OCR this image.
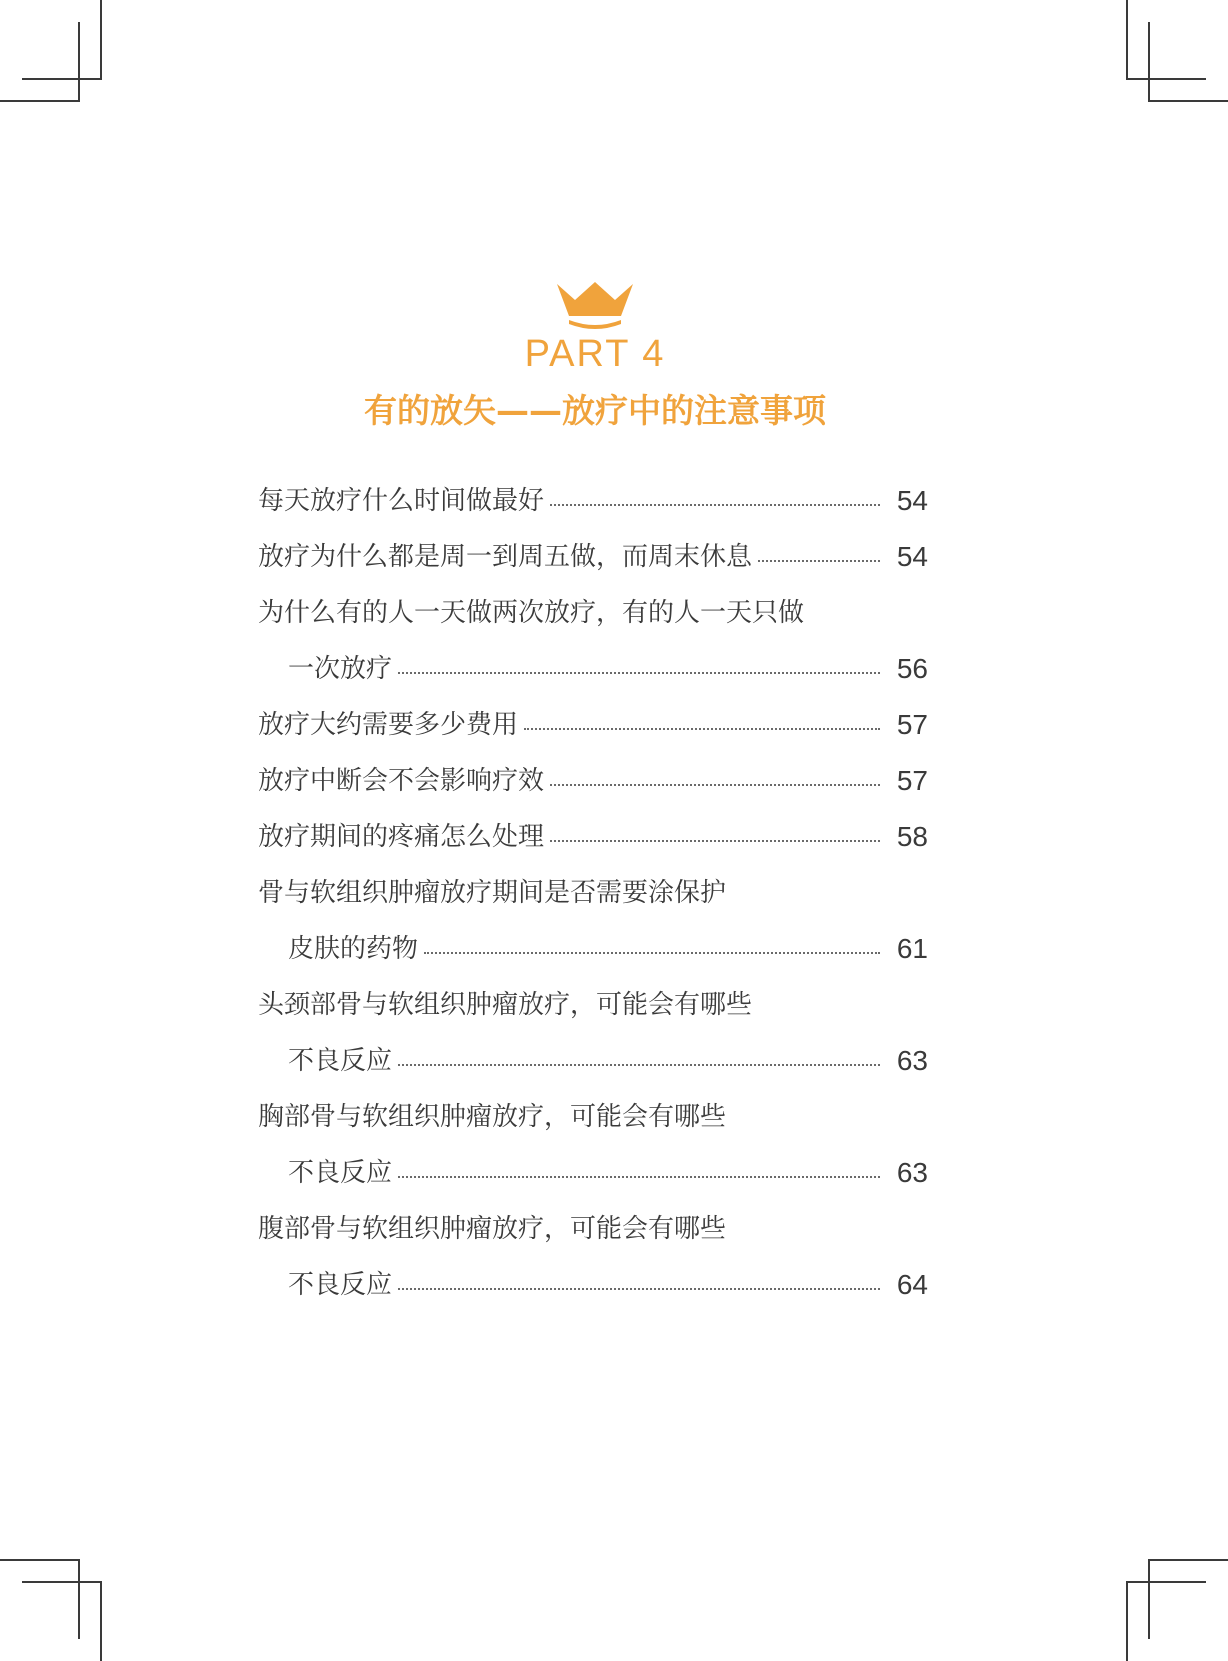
PART 4
有的放矢——放疗中的注意事项
每天放疗什么时间做最好	54
放疗为什么都是周一到周五做，而周末休息	54
为什么有的人一天做两次放疗，有的人一天只做
一次放疗	56
放疗大约需要多少费用	57
放疗中断会不会影响疗效	57
放疗期间的疼痛怎么处理	58
骨与软组织肿瘤放疗期间是否需要涂保护
皮肤的药物	61
头颈部骨与软组织肿瘤放疗，可能会有哪些
不良反应	63
胸部骨与软组织肿瘤放疗，可能会有哪些
不良反应	63
腹部骨与软组织肿瘤放疗，可能会有哪些
不良反应	64
